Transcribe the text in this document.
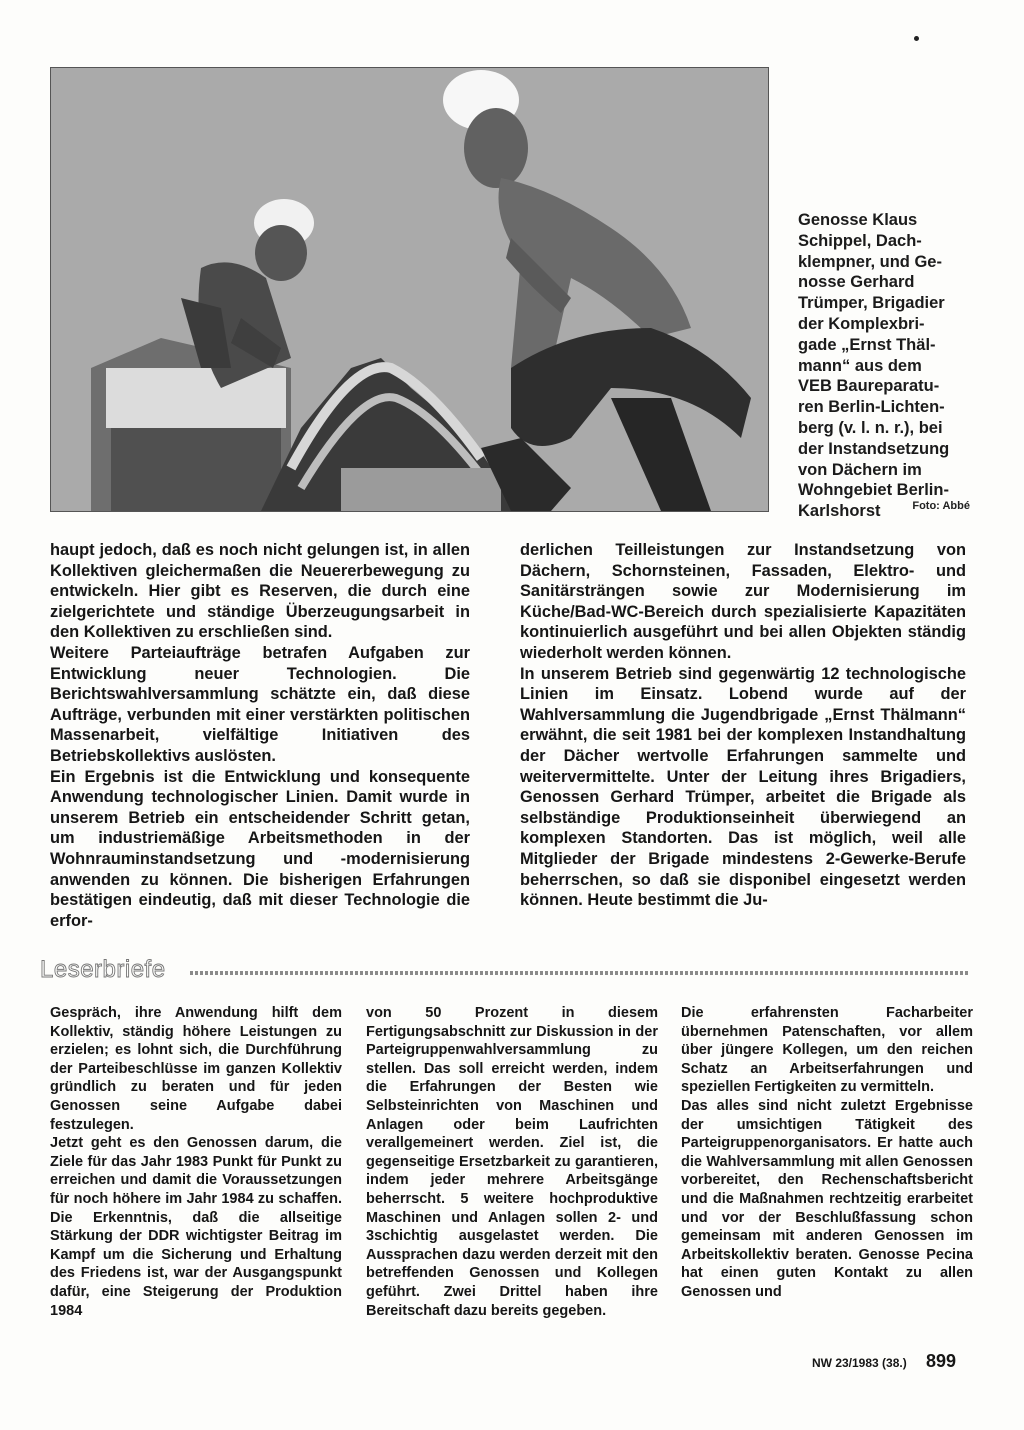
Genosse Klaus

Schippel, Dach-

klempner, und Ge-

nosse Gerhard

Trümper, Brigadier

der Komplexbri-

gade „Ernst Thäl-

mann“ aus dem

VEB Baureparatu-

ren Berlin-Lichten-

berg (v. l. n. r.), bei

der Instandsetzung

von Dächern im

Wohngebiet Berlin-

Karlshorst	Foto: Abbé

haupt jedoch, daß es noch nicht gelungen ist, in allen Kollektiven gleichermaßen die Neuererbewegung zu entwickeln. Hier gibt es Reserven, die durch eine zielgerichtete und ständige Überzeugungsarbeit in den Kollektiven zu erschließen sind.

Weitere Parteiaufträge betrafen Aufgaben zur Entwicklung neuer Technologien. Die Berichtswahlversammlung schätzte ein, daß diese Aufträge, verbunden mit einer verstärkten politischen Massenarbeit, vielfältige Initiativen des Betriebskollektivs auslösten.

Ein Ergebnis ist die Entwicklung und konsequente Anwendung technologischer Linien. Damit wurde in unserem Betrieb ein entscheidender Schritt getan, um industriemäßige Arbeitsmethoden in der Wohnrauminstandsetzung und -modernisierung anwenden zu können. Die bisherigen Erfahrungen bestätigen eindeutig, daß mit dieser Technologie die erfor-

derlichen Teilleistungen zur Instandsetzung von Dächern, Schornsteinen, Fassaden, Elektro- und Sanitärsträngen sowie zur Modernisierung im Küche/Bad-WC-Bereich durch spezialisierte Kapazitäten kontinuierlich ausgeführt und bei allen Objekten ständig wiederholt werden können.

In unserem Betrieb sind gegenwärtig 12 technologische Linien im Einsatz. Lobend wurde auf der Wahlversammlung die Jugendbrigade „Ernst Thälmann“ erwähnt, die seit 1981 bei der komplexen Instandhaltung der Dächer wertvolle Erfahrungen sammelte und weitervermittelte. Unter der Leitung ihres Brigadiers, Genossen Gerhard Trümper, arbeitet die Brigade als selbständige Produktionseinheit überwiegend an komplexen Standorten. Das ist möglich, weil alle Mitglieder der Brigade mindestens 2-Gewerke-Berufe beherrschen, so daß sie disponibel eingesetzt werden können. Heute bestimmt die Ju-

Leserbriefe

Gespräch, ihre Anwendung hilft dem Kollektiv, ständig höhere Leistungen zu erzielen; es lohnt sich, die Durchführung der Parteibeschlüsse im ganzen Kollektiv gründlich zu beraten und für jeden Genossen seine Aufgabe dabei festzulegen.

Jetzt geht es den Genossen darum, die Ziele für das Jahr 1983 Punkt für Punkt zu erreichen und damit die Voraussetzungen für noch höhere im Jahr 1984 zu schaffen. Die Erkenntnis, daß die allseitige Stärkung der DDR wichtigster Beitrag im Kampf um die Sicherung und Erhaltung des Friedens ist, war der Ausgangspunkt dafür, eine Steigerung der Produktion 1984

von 50 Prozent in diesem Fertigungsabschnitt zur Diskussion in der Parteigruppenwahlversammlung zu stellen. Das soll erreicht werden, indem die Erfahrungen der Besten wie Selbsteinrichten von Maschinen und Anlagen oder beim Laufrichten verallgemeinert werden. Ziel ist, die gegenseitige Ersetzbarkeit zu garantieren, indem jeder mehrere Arbeitsgänge beherrscht. 5 weitere hochproduktive Maschinen und Anlagen sollen 2- und 3schichtig ausgelastet werden. Die Aussprachen dazu werden derzeit mit den betreffenden Genossen und Kollegen geführt. Zwei Drittel haben ihre Bereitschaft dazu bereits gegeben.

Die erfahrensten Facharbeiter übernehmen Patenschaften, vor allem über jüngere Kollegen, um den reichen Schatz an Arbeitserfahrungen und speziellen Fertigkeiten zu vermitteln.

Das alles sind nicht zuletzt Ergebnisse der umsichtigen Tätigkeit des Parteigruppenorganisators. Er hatte auch die Wahlversammlung mit allen Genossen vorbereitet, den Rechenschaftsbericht und die Maßnahmen rechtzeitig erarbeitet und vor der Beschlußfassung schon gemeinsam mit anderen Genossen im Arbeitskollektiv beraten. Genosse Pecina hat einen guten Kontakt zu allen Genossen und

NW 23/1983 (38.) 899
